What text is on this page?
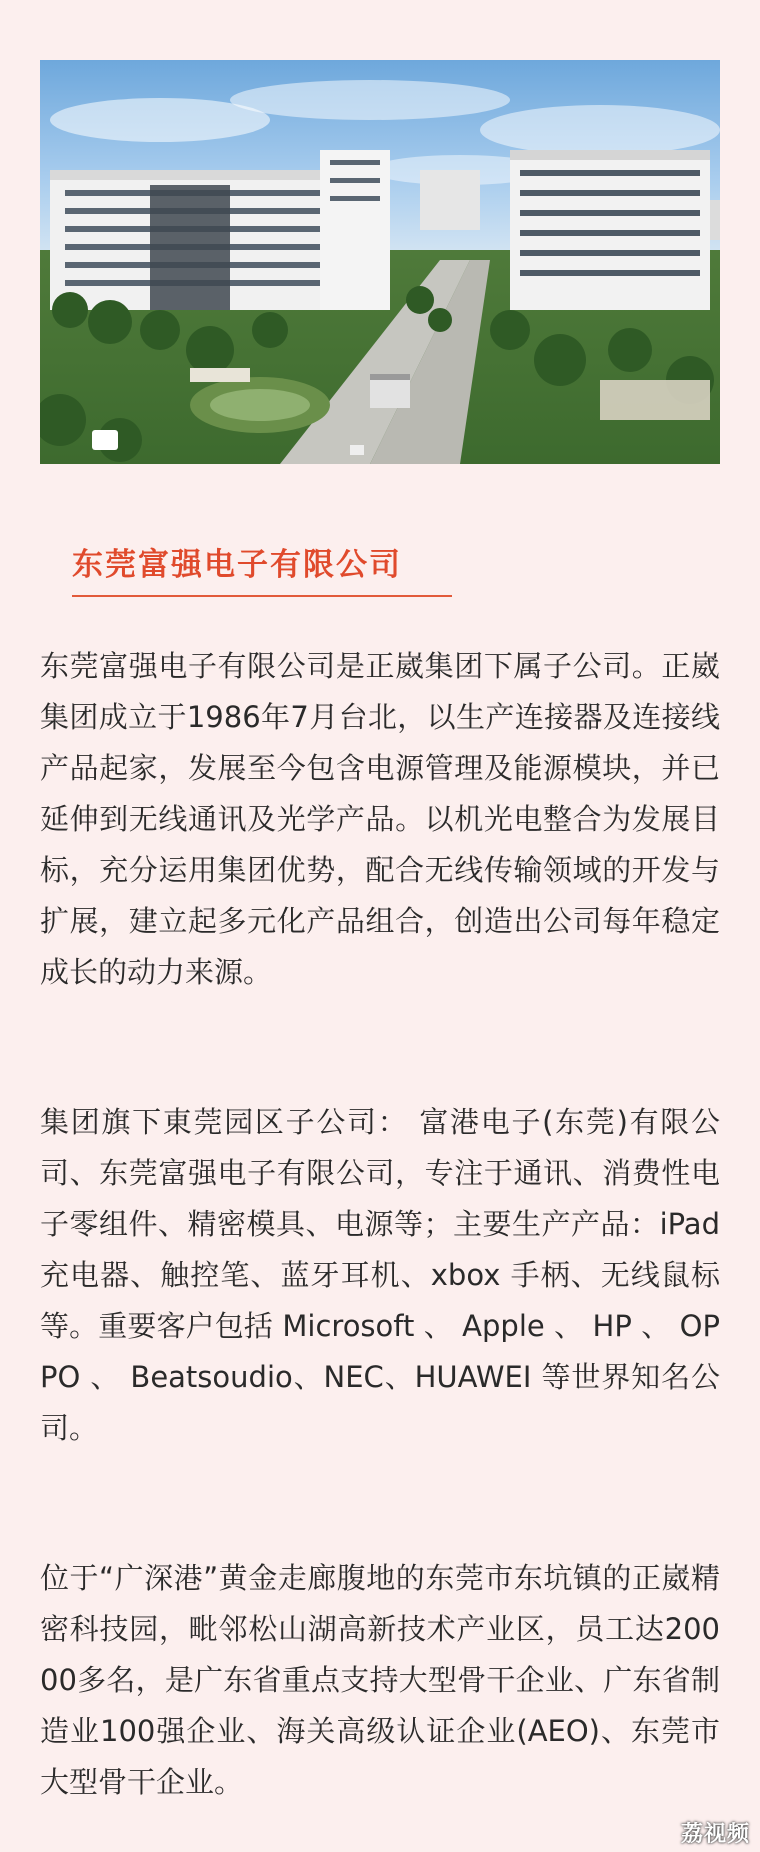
东莞富强电子有限公司

东莞富强电子有限公司是正崴集团下属子公司。正崴集团成立于1986年7月台北，以生产连接器及连接线产品起家，发展至今包含电源管理及能源模块，并已延伸到无线通讯及光学产品。以机光电整合为发展目标，充分运用集团优势，配合无线传输领域的开发与扩展，建立起多元化产品组合，创造出公司每年稳定成长的动力来源。

集团旗下東莞园区子公司： 富港电子(东莞)有限公司、东莞富强电子有限公司，专注于通讯、消费性电子零组件、精密模具、电源等；主要生产产品：iPad 充电器、触控笔、蓝牙耳机、xbox 手柄、无线鼠标等。重要客户包括 Microsoft 、 Apple 、 HP 、 OPPO 、 Beatsoudio、NEC、HUAWEI 等世界知名公司。

位于“广深港”黄金走廊腹地的东莞市东坑镇的正崴精密科技园，毗邻松山湖高新技术产业区，员工达20000多名，是广东省重点支持大型骨干企业、广东省制造业100强企业、海关高级认证企业(AEO)、东莞市大型骨干企业。

荔视频
